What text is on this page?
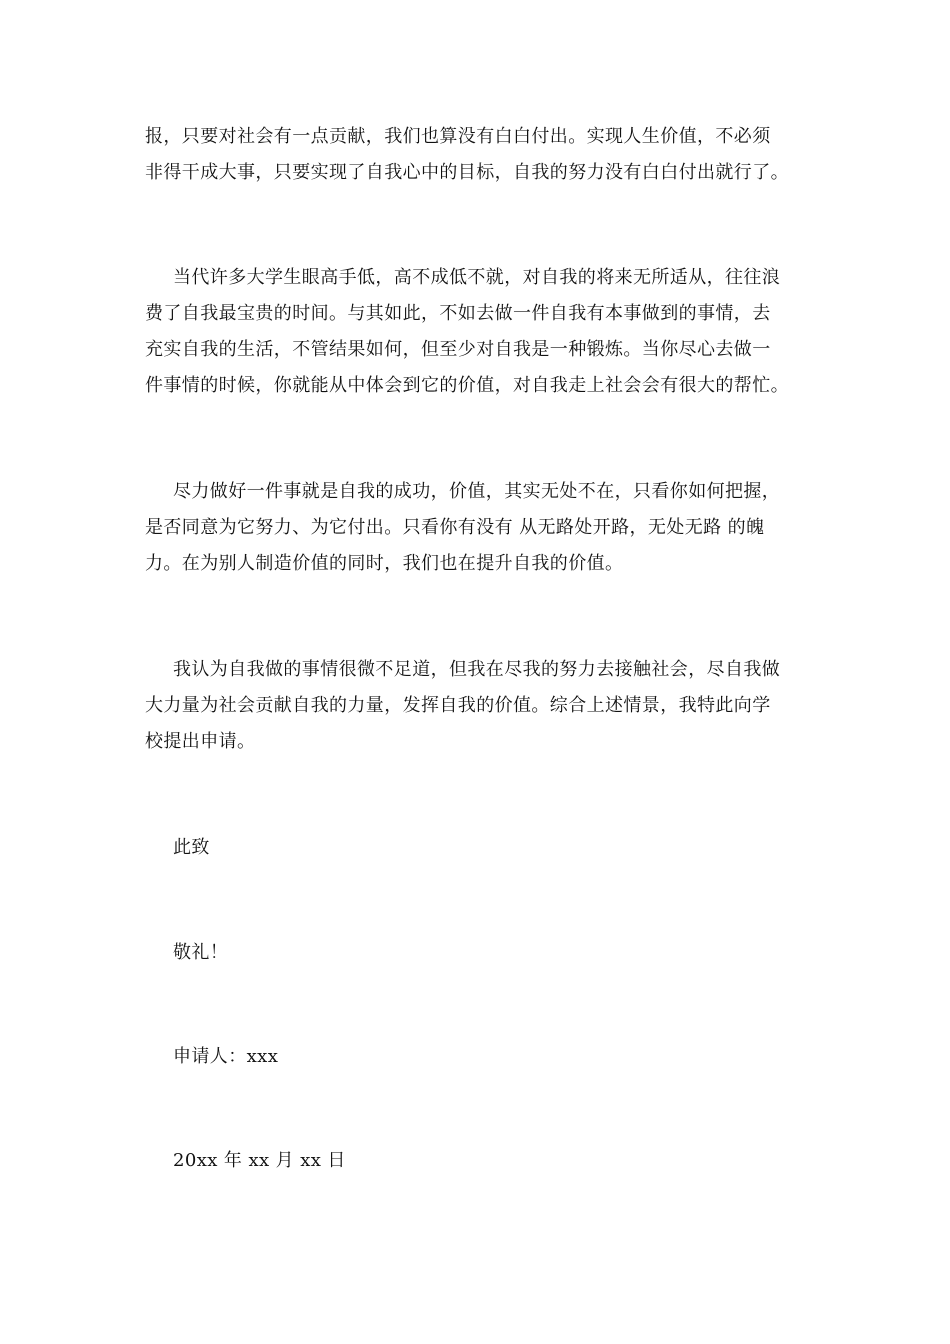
报，只要对社会有一点贡献，我们也算没有白白付出。实现人生价值，不必须
非得干成大事，只要实现了自我心中的目标，自我的努力没有白白付出就行了。
当代许多大学生眼高手低，高不成低不就，对自我的将来无所适从，往往浪
费了自我最宝贵的时间。与其如此，不如去做一件自我有本事做到的事情，去
充实自我的生活，不管结果如何，但至少对自我是一种锻炼。当你尽心去做一
件事情的时候，你就能从中体会到它的价值，对自我走上社会会有很大的帮忙。
尽力做好一件事就是自我的成功，价值，其实无处不在，只看你如何把握，
是否同意为它努力、为它付出。只看你有没有 从无路处开路，无处无路 的魄
力。在为别人制造价值的同时，我们也在提升自我的价值。
我认为自我做的事情很微不足道，但我在尽我的努力去接触社会，尽自我做
大力量为社会贡献自我的力量，发挥自我的价值。综合上述情景，我特此向学
校提出申请。
此致
敬礼！
申请人：xxx
20xx 年 xx 月 xx 日
